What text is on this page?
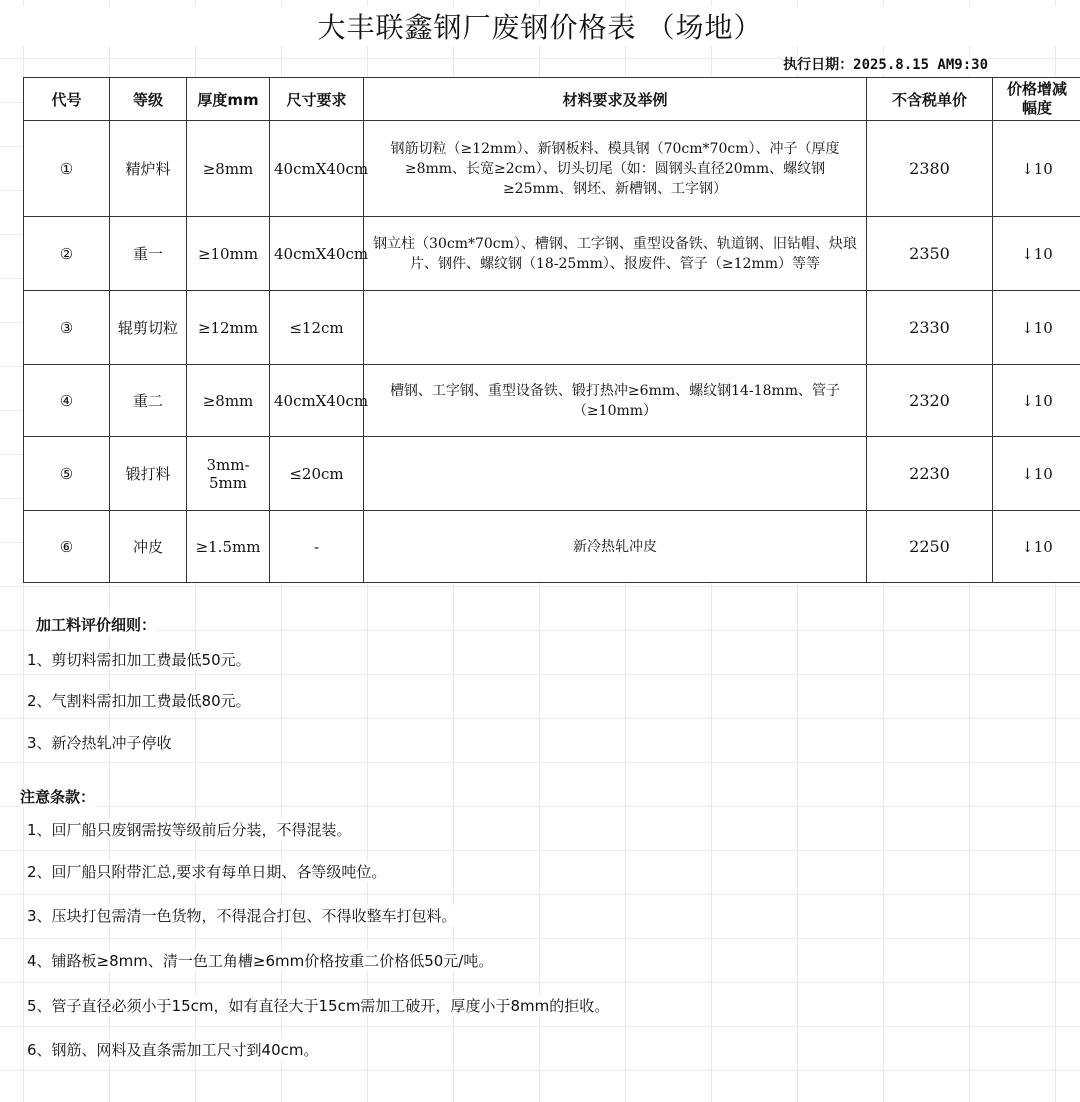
大丰联鑫钢厂废钢价格表 （场地）
执行日期：2025.8.15 AM9:30
代号	等级	厚度mm	尺寸要求	材料要求及举例	不含税单价	价格增减
幅度
①	精炉料	≥8mm	40cmX40cm	钢筋切粒（≥12mm）、新钢板料、模具钢（70cm*70cm）、冲子（厚度≥8mm、长宽≥2cm）、切头切尾（如：圆钢头直径20mm、螺纹钢≥25mm、钢坯、新槽钢、工字钢）	2380	↓10
②	重一	≥10mm	40cmX40cm	钢立柱（30cm*70cm）、槽钢、工字钢、重型设备铁、轨道钢、旧钻帽、炔琅片、钢件、螺纹钢（18-25mm）、报废件、管子（≥12mm）等等	2350	↓10
③	辊剪切粒	≥12mm	≤12cm		2330	↓10
④	重二	≥8mm	40cmX40cm	槽钢、工字钢、重型设备铁、锻打热冲≥6mm、螺纹钢14-18mm、管子（≥10mm）	2320	↓10
⑤	锻打料	3mm-5mm	≤20cm		2230	↓10
⑥	冲皮	≥1.5mm	-	新冷热轧冲皮	2250	↓10
加工料评价细则：
1、剪切料需扣加工费最低50元。
2、气割料需扣加工费最低80元。
3、新冷热轧冲子停收
注意条款：
1、回厂船只废钢需按等级前后分装，不得混装。
2、回厂船只附带汇总,要求有每单日期、各等级吨位。
3、压块打包需清一色货物，不得混合打包、不得收整车打包料。
4、铺路板≥8mm、清一色工角槽≥6mm价格按重二价格低50元/吨。
5、管子直径必须小于15cm，如有直径大于15cm需加工破开，厚度小于8mm的拒收。
6、钢筋、网料及直条需加工尺寸到40cm。
